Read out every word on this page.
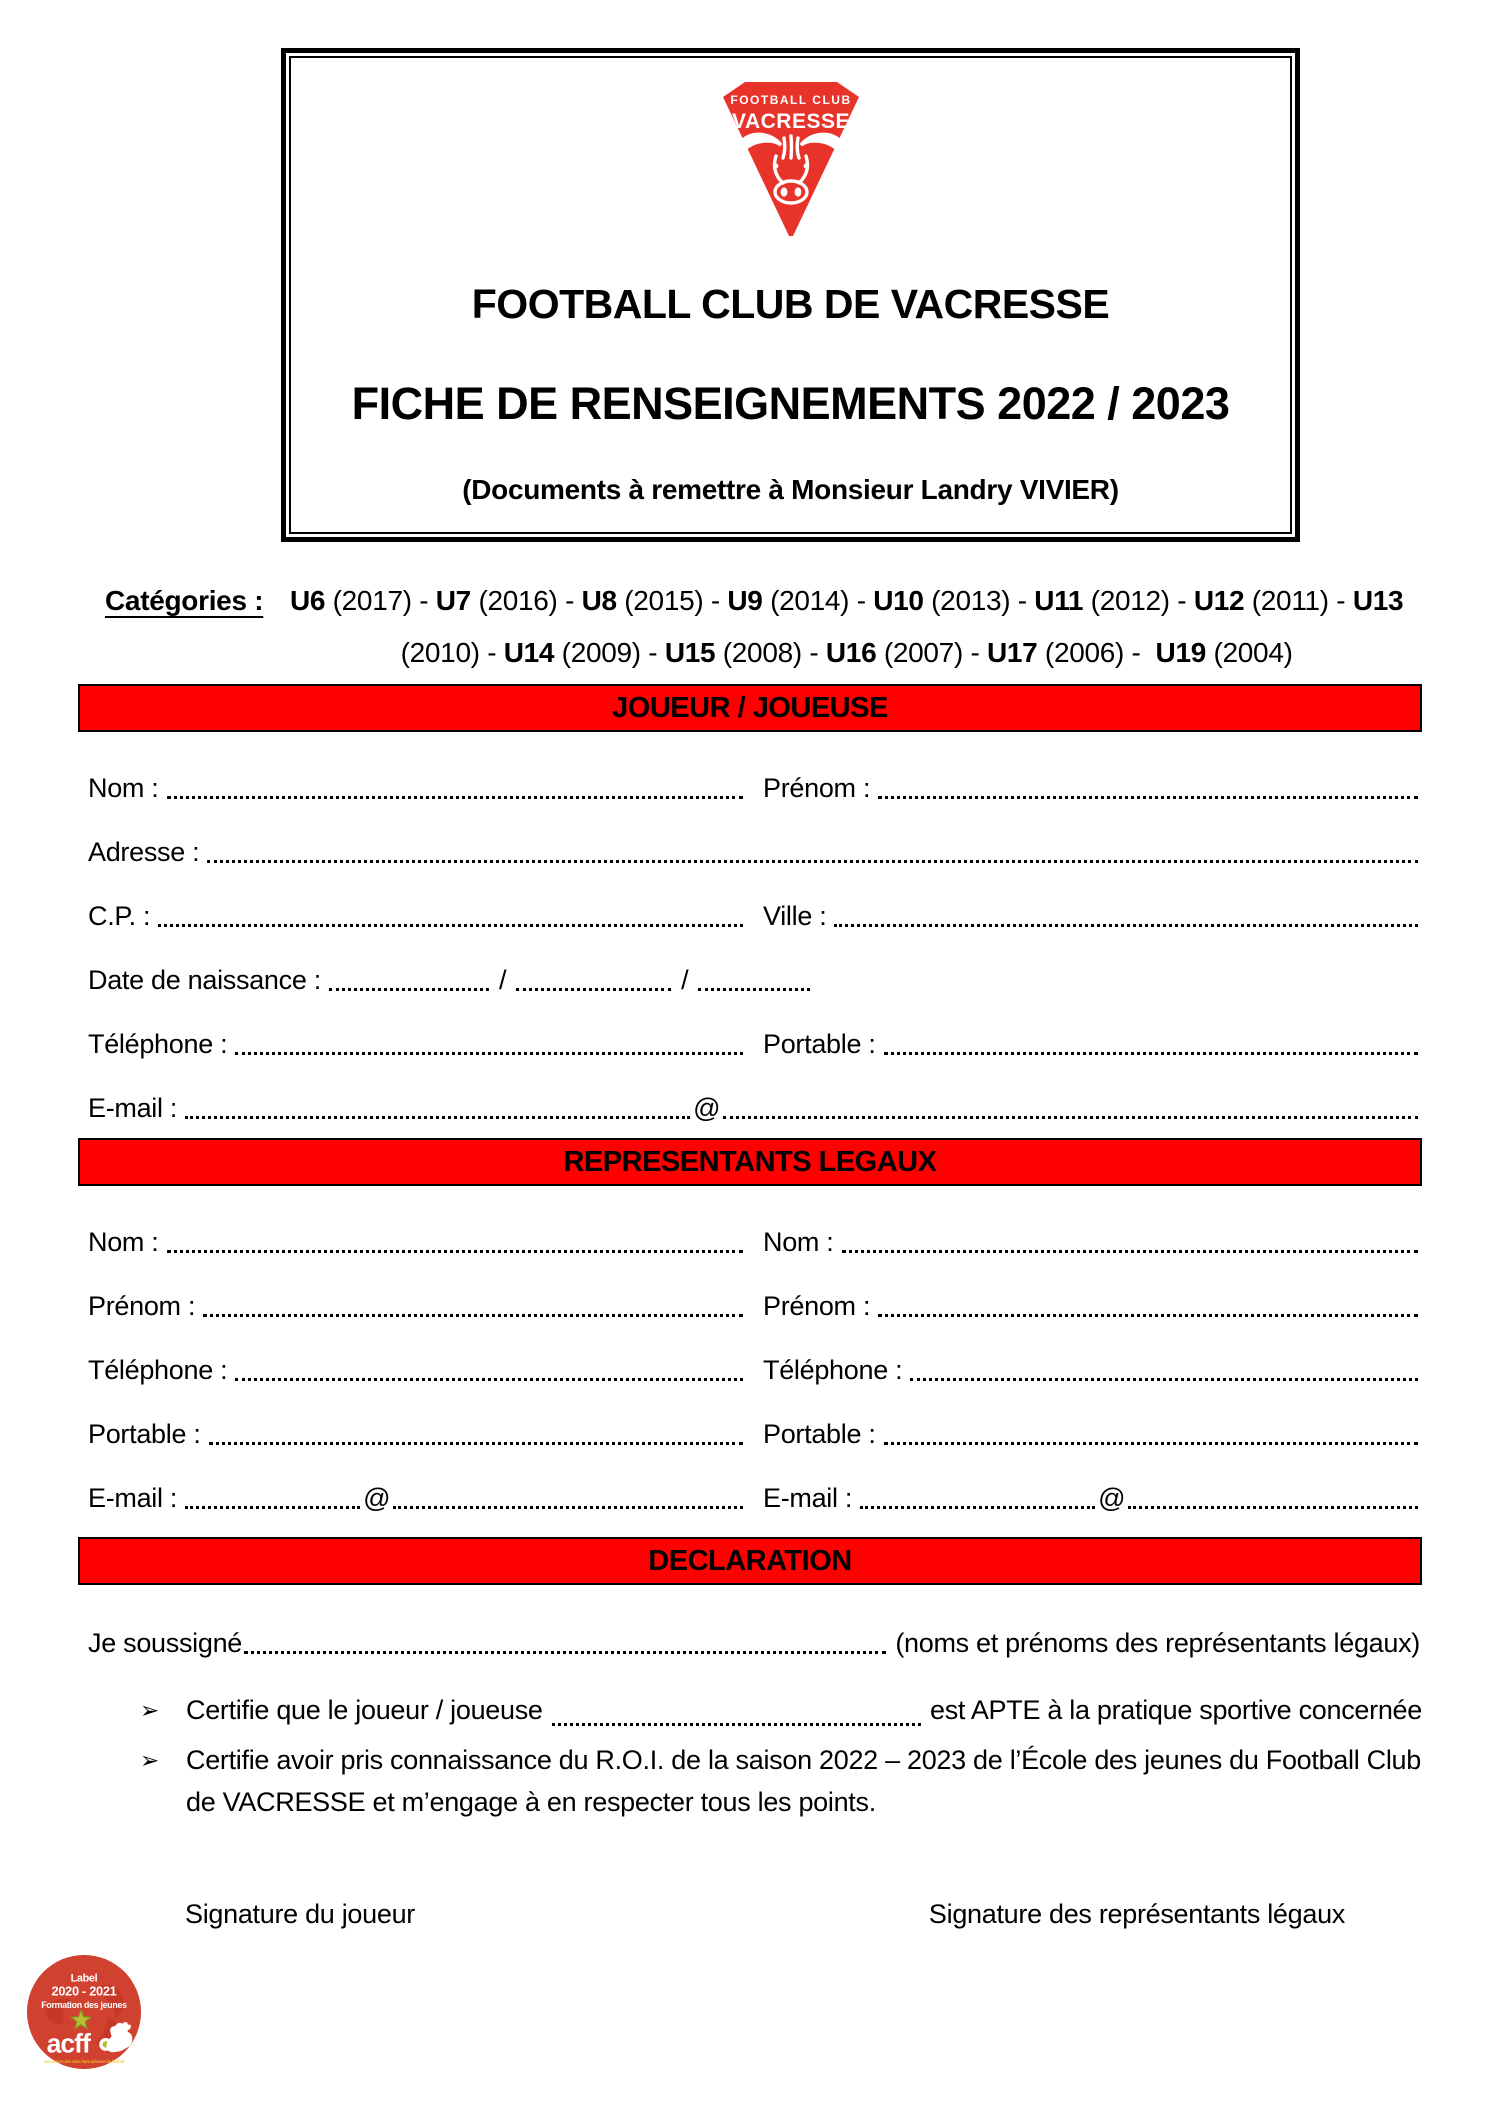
FOOTBALL CLUB
VACRESSE
FOOTBALL CLUB DE VACRESSE
FICHE DE RENSEIGNEMENTS 2022 / 2023
(Documents à remettre à Monsieur Landry VIVIER)
Catégories : U6 (2017) - U7 (2016) - U8 (2015) - U9 (2014) - U10 (2013) - U11 (2012) - U12 (2011) - U13 (2010) - U14 (2009) - U15 (2008) - U16 (2007) - U17 (2006) -  U19 (2004)
JOUEUR / JOUEUSE
Nom :	Prénom :
Adresse :
C.P. :	Ville :
Date de naissance :	/	/
Téléphone :	Portable :
E-mail :	@
REPRESENTANTS LEGAUX
Nom :	Nom :
Prénom :	Prénom :
Téléphone :	Téléphone :
Portable :	Portable :
E-mail :	@	E-mail :	@
DECLARATION
Je soussigné	(noms et prénoms des représentants légaux)
➢	Certifie que le joueur / joueuse	est APTE à la pratique sportive concernée
➢	Certifie avoir pris connaissance du R.O.I. de la saison 2022 – 2023 de l’École des jeunes du Football Club de VACRESSE et m’engage à en respecter tous les points.
Signature du joueur	Signature des représentants légaux
Label
2020 - 2021
Formation des jeunes
acff
association des clubs francophones de football
